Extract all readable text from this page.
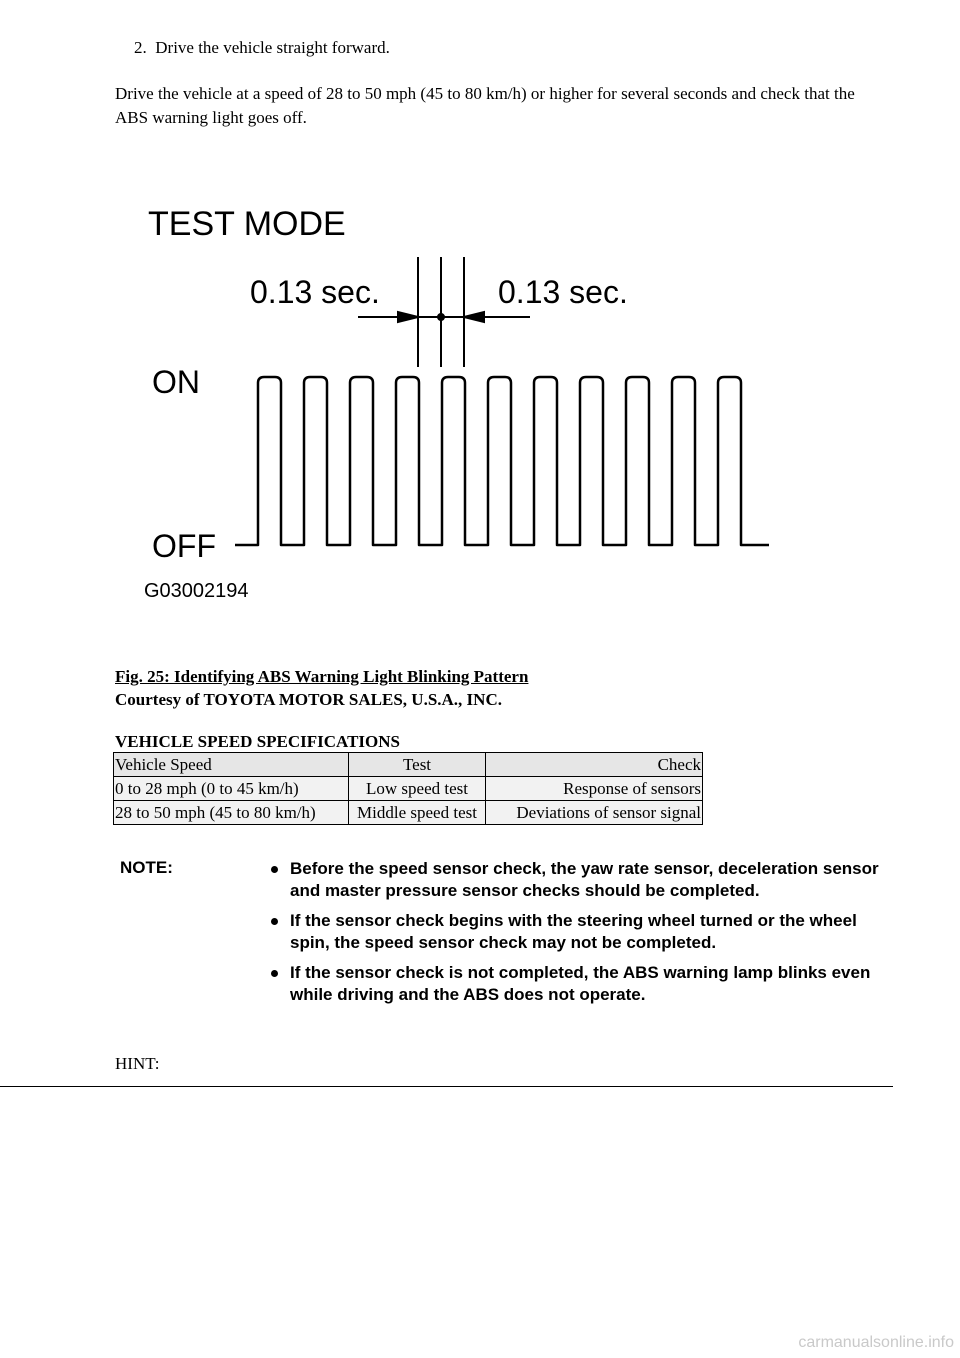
2. Drive the vehicle straight forward.
Drive the vehicle at a speed of 28 to 50 mph (45 to 80 km/h) or higher for several seconds and check that the ABS warning light goes off.
TEST MODE
0.13 sec.	0.13 sec.
ON
OFF
G03002194
Fig. 25: Identifying ABS Warning Light Blinking Pattern
Courtesy of TOYOTA MOTOR SALES, U.S.A., INC.
VEHICLE SPEED SPECIFICATIONS
Vehicle Speed	Test	Check
0 to 28 mph (0 to 45 km/h)	Low speed test	Response of sensors
28 to 50 mph (45 to 80 km/h)	Middle speed test	Deviations of sensor signal
NOTE:	Before the speed sensor check, the yaw rate sensor, deceleration sensor and master pressure sensor checks should be completed.
If the sensor check begins with the steering wheel turned or the wheel spin, the speed sensor check may not be completed.
If the sensor check is not completed, the ABS warning lamp blinks even while driving and the ABS does not operate.
HINT:
carmanualsonline.info
